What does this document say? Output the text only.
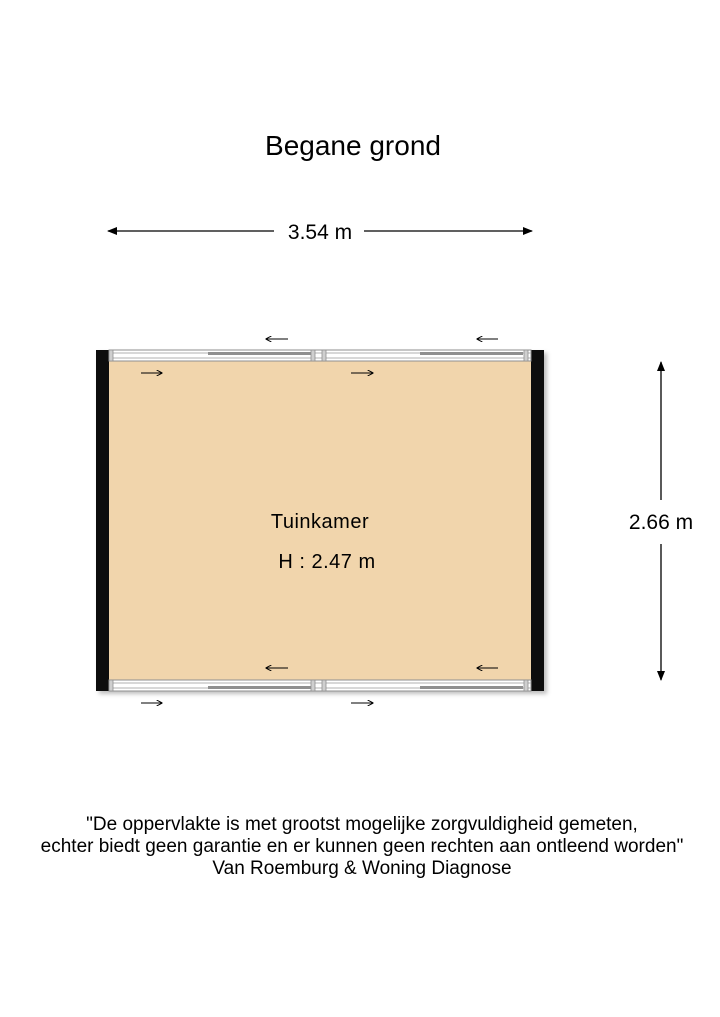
Begane grond
3.54 m
2.66 m
Tuinkamer
H : 2.47 m
"De oppervlakte is met grootst mogelijke zorgvuldigheid gemeten,
echter biedt geen garantie en er kunnen geen rechten aan ontleend worden"
Van Roemburg & Woning Diagnose
